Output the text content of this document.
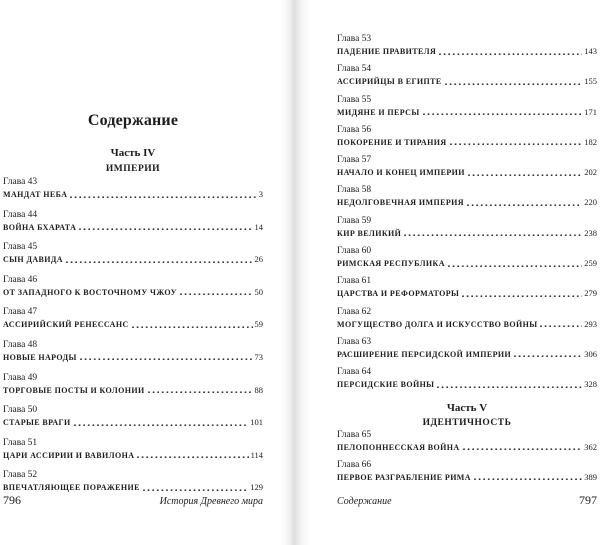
Содержание
Часть IV
ИМПЕРИИ
Глава 43
МАНДАТ НЕБА	3
Глава 44
ВОЙНА БХАРАТА	14
Глава 45
СЫН ДАВИДА	26
Глава 46
ОТ ЗАПАДНОГО К ВОСТОЧНОМУ ЧЖОУ	50
Глава 47
АССИРИЙСКИЙ РЕНЕССАНС	59
Глава 48
НОВЫЕ НАРОДЫ	73
Глава 49
ТОРГОВЫЕ ПОСТЫ И КОЛОНИИ	88
Глава 50
СТАРЫЕ ВРАГИ	101
Глава 51
ЦАРИ АССИРИИ И ВАВИЛОНА	114
Глава 52
ВПЕЧАТЛЯЮЩЕЕ ПОРАЖЕНИЕ	129
796	История Древнего мира
Глава 53
ПАДЕНИЕ ПРАВИТЕЛЯ	143
Глава 54
АССИРИЙЦЫ В ЕГИПТЕ	155
Глава 55
МИДЯНЕ И ПЕРСЫ	171
Глава 56
ПОКОРЕНИЕ И ТИРАНИЯ	182
Глава 57
НАЧАЛО И КОНЕЦ ИМПЕРИИ	202
Глава 58
НЕДОЛГОВЕЧНАЯ ИМПЕРИЯ	220
Глава 59
КИР ВЕЛИКИЙ	238
Глава 60
РИМСКАЯ РЕСПУБЛИКА	259
Глава 61
ЦАРСТВА И РЕФОРМАТОРЫ	279
Глава 62
МОГУЩЕСТВО ДОЛГА И ИСКУССТВО ВОЙНЫ	293
Глава 63
РАСШИРЕНИЕ ПЕРСИДСКОЙ ИМПЕРИИ	306
Глава 64
ПЕРСИДСКИЕ ВОЙНЫ	328
Часть V
ИДЕНТИЧНОСТЬ
Глава 65
ПЕЛОПОННЕССКАЯ ВОЙНА	362
Глава 66
ПЕРВОЕ РАЗГРАБЛЕНИЕ РИМА	389
Содержание	797
